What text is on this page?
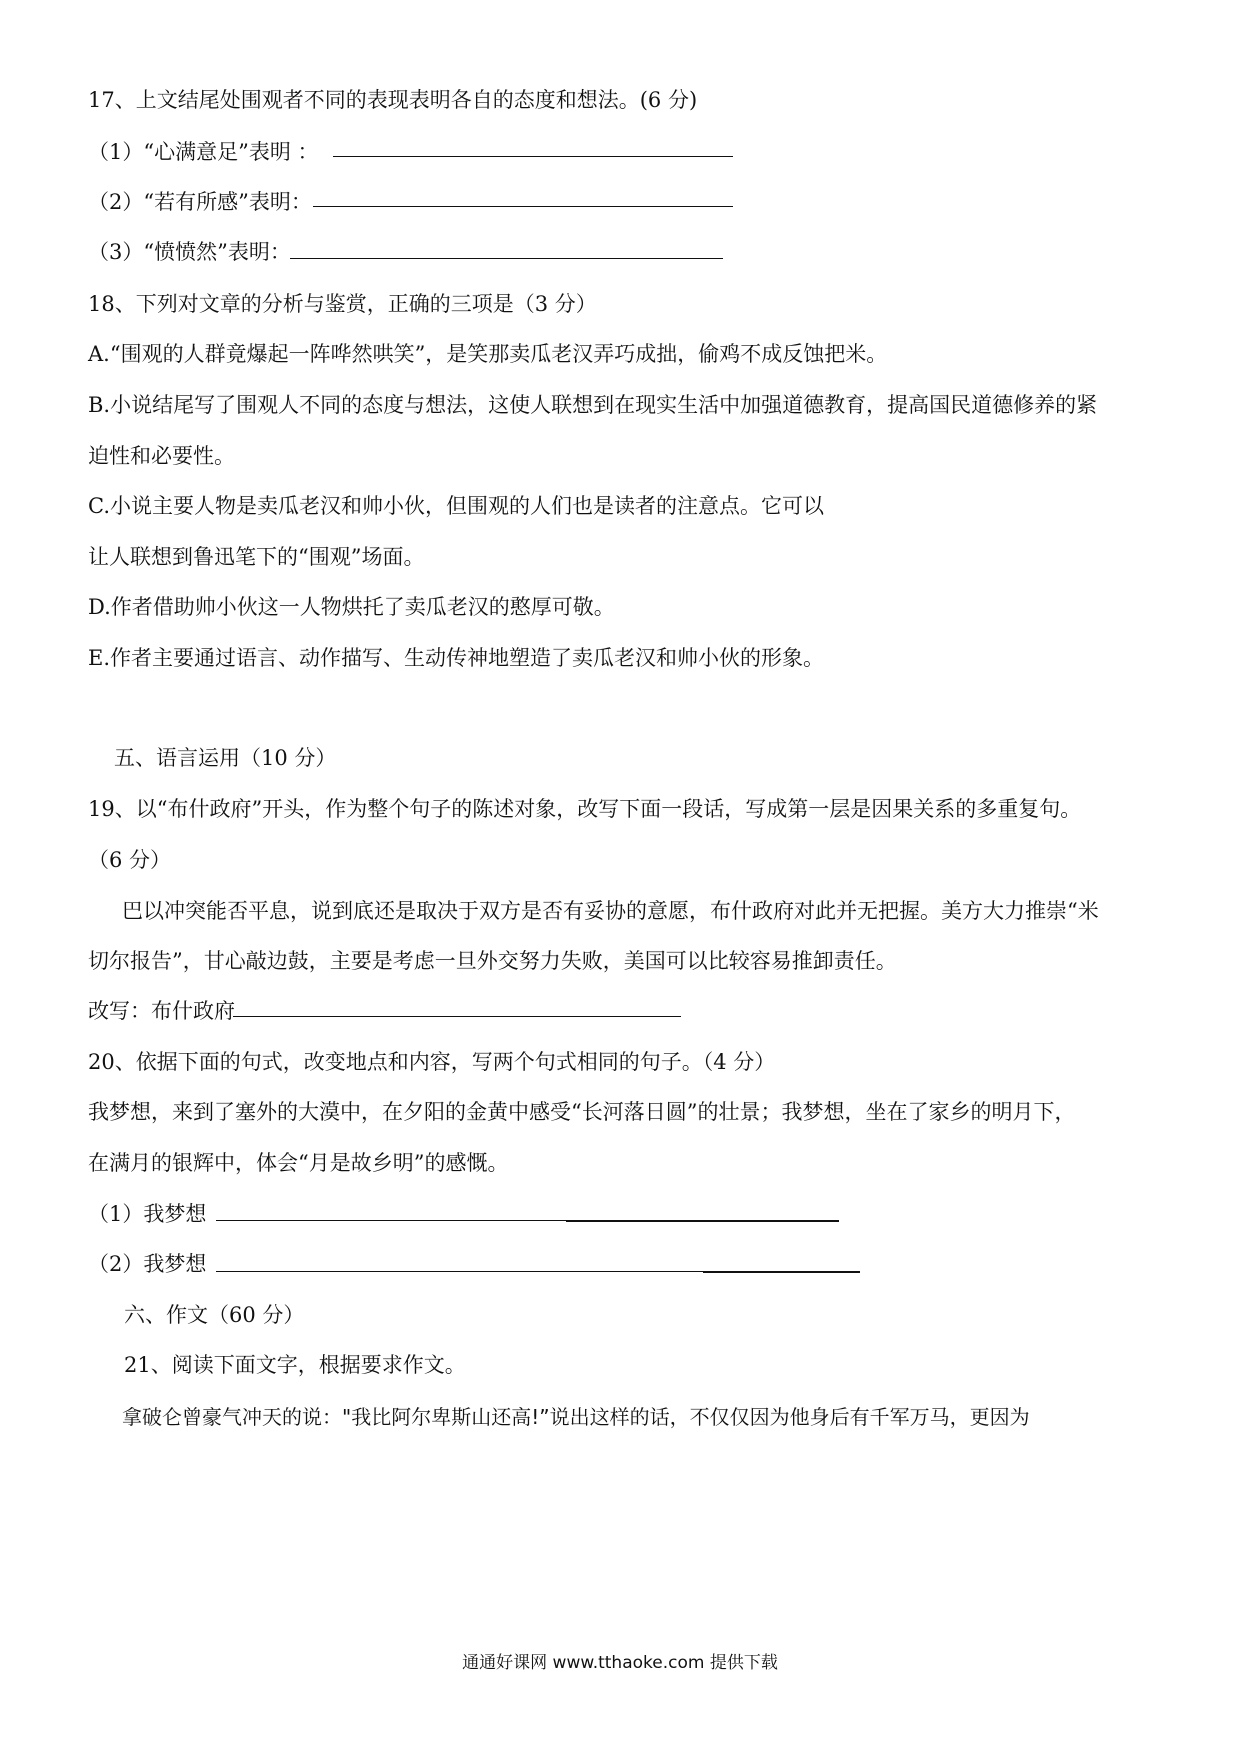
17、上文结尾处围观者不同的表现表明各自的态度和想法。(6 分)
（1）“心满意足”表明 ：
（2）“若有所感”表明：
（3）“愤愤然”表明：
18、下列对文章的分析与鉴赏，正确的三项是（3 分）
A.“围观的人群竟爆起一阵哗然哄笑”，是笑那卖瓜老汉弄巧成拙，偷鸡不成反蚀把米。
B.小说结尾写了围观人不同的态度与想法，这使人联想到在现实生活中加强道德教育，提高国民道德修养的紧
迫性和必要性。
C.小说主要人物是卖瓜老汉和帅小伙，但围观的人们也是读者的注意点。它可以
让人联想到鲁迅笔下的“围观”场面。
D.作者借助帅小伙这一人物烘托了卖瓜老汉的憨厚可敬。
E.作者主要通过语言、动作描写、生动传神地塑造了卖瓜老汉和帅小伙的形象。
五、语言运用（10 分）
19、以“布什政府”开头，作为整个句子的陈述对象，改写下面一段话，写成第一层是因果关系的多重复句。
（6 分）
巴以冲突能否平息，说到底还是取决于双方是否有妥协的意愿，布什政府对此并无把握。美方大力推崇“米
切尔报告”，甘心敲边鼓，主要是考虑一旦外交努力失败，美国可以比较容易推卸责任。
改写：布什政府
20、依据下面的句式，改变地点和内容，写两个句式相同的句子。（4 分）
我梦想，来到了塞外的大漠中，在夕阳的金黄中感受“长河落日圆”的壮景；我梦想，坐在了家乡的明月下，
在满月的银辉中，体会“月是故乡明”的感慨。
（1）我梦想
（2）我梦想
六、作文（60 分）
21、阅读下面文字，根据要求作文。
拿破仑曾豪气冲天的说："我比阿尔卑斯山还高!”说出这样的话，不仅仅因为他身后有千军万马，更因为
通通好课网 www.tthaoke.com 提供下载
